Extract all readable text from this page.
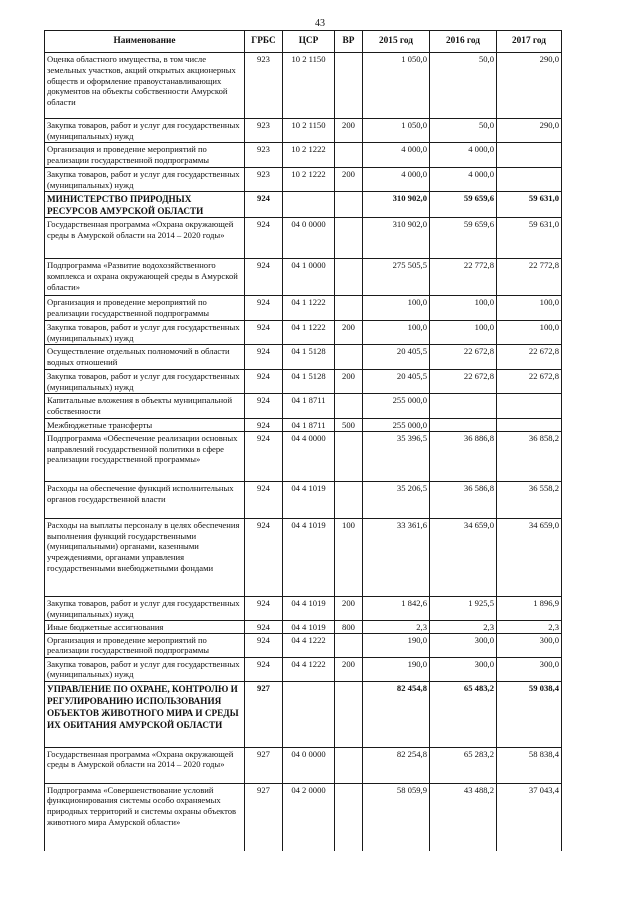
43
Наименование	ГРБС	ЦСР	ВР	2015 год	2016 год	2017 год
Оценка областного имущества, в том числе земельных участков, акций открытых акционерных обществ и оформление правоустанавливающих документов на объекты собственности Амурской области	923	10 2 1150		1 050,0	50,0	290,0
Закупка товаров, работ и услуг для государственных (муниципальных) нужд	923	10 2 1150	200	1 050,0	50,0	290,0
Организация и проведение мероприятий по реализации государственной подпрограммы	923	10 2 1222		4 000,0	4 000,0	
Закупка товаров, работ и услуг для государственных (муниципальных) нужд	923	10 2 1222	200	4 000,0	4 000,0	
МИНИСТЕРСТВО ПРИРОДНЫХ РЕСУРСОВ АМУРСКОЙ ОБЛАСТИ	924			310 902,0	59 659,6	59 631,0
Государственная программа «Охрана окружающей среды в Амурской области на 2014 – 2020 годы»	924	04 0 0000		310 902,0	59 659,6	59 631,0
Подпрограмма «Развитие водохозяйственного комплекса и охрана окружающей среды в Амурской области»	924	04 1 0000		275 505,5	22 772,8	22 772,8
Организация и проведение мероприятий по реализации государственной подпрограммы	924	04 1 1222		100,0	100,0	100,0
Закупка товаров, работ и услуг для государственных (муниципальных) нужд	924	04 1 1222	200	100,0	100,0	100,0
Осуществление отдельных полномочий в области водных отношений	924	04 1 5128		20 405,5	22 672,8	22 672,8
Закупка товаров, работ и услуг для государственных (муниципальных) нужд	924	04 1 5128	200	20 405,5	22 672,8	22 672,8
Капитальные вложения в объекты муниципальной собственности	924	04 1 8711		255 000,0		
Межбюджетные трансферты	924	04 1 8711	500	255 000,0		
Подпрограмма «Обеспечение реализации основных направлений государственной политики в сфере реализации государственной программы»	924	04 4 0000		35 396,5	36 886,8	36 858,2
Расходы на обеспечение функций исполнительных органов государственной власти	924	04 4 1019		35 206,5	36 586,8	36 558,2
Расходы на выплаты персоналу в целях обеспечения выполнения функций государственными (муниципальными) органами, казенными учреждениями, органами управления государственными внебюджетными фондами	924	04 4 1019	100	33 361,6	34 659,0	34 659,0
Закупка товаров, работ и услуг для государственных (муниципальных) нужд	924	04 4 1019	200	1 842,6	1 925,5	1 896,9
Иные бюджетные ассигнования	924	04 4 1019	800	2,3	2,3	2,3
Организация и проведение мероприятий по реализации государственной подпрограммы	924	04 4 1222		190,0	300,0	300,0
Закупка товаров, работ и услуг для государственных (муниципальных) нужд	924	04 4 1222	200	190,0	300,0	300,0
УПРАВЛЕНИЕ ПО ОХРАНЕ, КОНТРОЛЮ И РЕГУЛИРОВАНИЮ ИСПОЛЬЗОВАНИЯ ОБЪЕКТОВ ЖИВОТНОГО МИРА И СРЕДЫ ИХ ОБИТАНИЯ АМУРСКОЙ ОБЛАСТИ	927			82 454,8	65 483,2	59 038,4
Государственная программа «Охрана окружающей среды в Амурской области на 2014 – 2020 годы»	927	04 0 0000		82 254,8	65 283,2	58 838,4
Подпрограмма «Совершенствование условий функционирования системы особо охраняемых природных территорий и системы охраны объектов животного мира Амурской области»	927	04 2 0000		58 059,9	43 488,2	37 043,4
